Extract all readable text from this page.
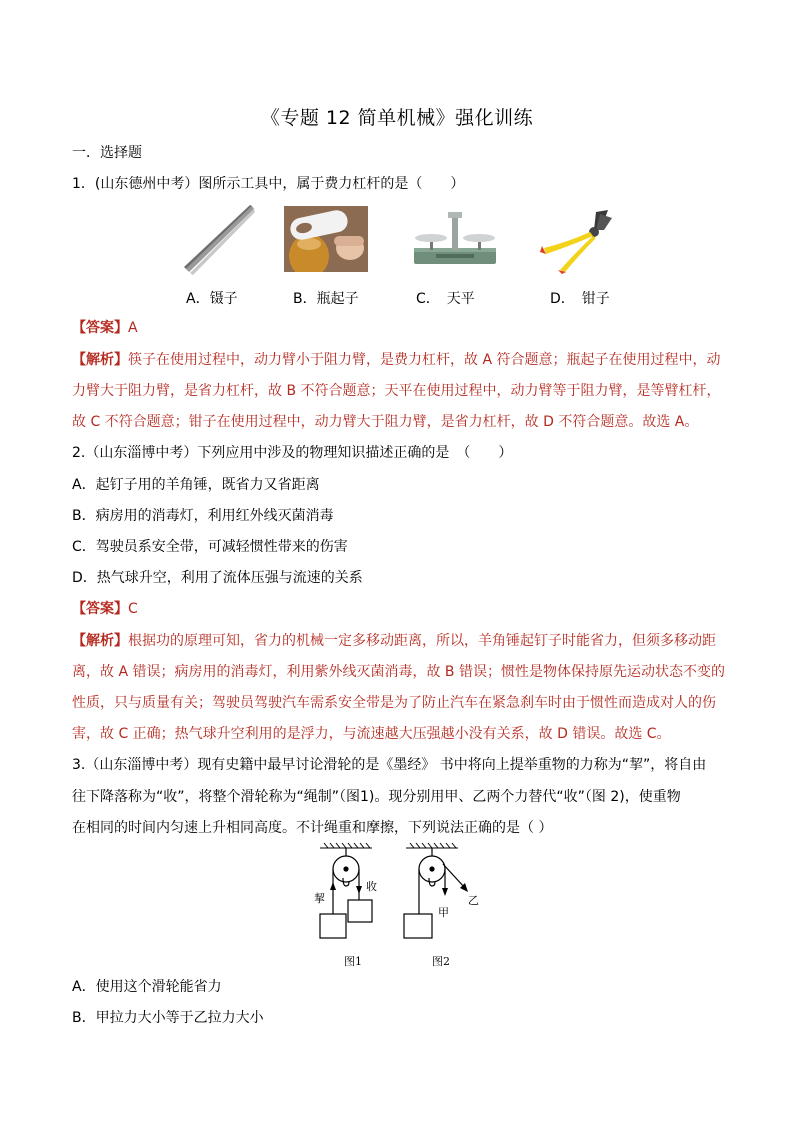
《专题 12 简单机械》强化训练
一．选择题
1．(山东德州中考）图所示工具中，属于费力杠杆的是（　　）
A．镊子	B．瓶起子	C．　天平	D．　钳子
【答案】A
【解析】筷子在使用过程中，动力臂小于阻力臂，是费力杠杆，故 A 符合题意；瓶起子在使用过程中，动
力臂大于阻力臂，是省力杠杆，故 B 不符合题意；天平在使用过程中，动力臂等于阻力臂，是等臂杠杆，
故 C 不符合题意；钳子在使用过程中，动力臂大于阻力臂，是省力杠杆，故 D 不符合题意。故选 A。
2.（山东淄博中考）下列应用中涉及的物理知识描述正确的是　（　　）
A．起钉子用的羊角锤，既省力又省距离
B．病房用的消毒灯，利用红外线灭菌消毒
C．驾驶员系安全带，可减轻惯性带来的伤害
D．热气球升空，利用了流体压强与流速的关系
【答案】C
【解析】根据功的原理可知，省力的机械一定多移动距离，所以，羊角锤起钉子时能省力，但须多移动距
离，故 A 错误；病房用的消毒灯，利用紫外线灭菌消毒，故 B 错误；惯性是物体保持原先运动状态不变的
性质，只与质量有关；驾驶员驾驶汽车需系安全带是为了防止汽车在紧急刹车时由于惯性而造成对人的伤
害，故 C 正确；热气球升空利用的是浮力，与流速越大压强越小没有关系，故 D 错误。故选 C。
3.（山东淄博中考）现有史籍中最早讨论滑轮的是《墨经》 书中将向上提举重物的力称为“挈”，将自由
往下降落称为“收”，将整个滑轮称为“绳制”（图1)。现分别用甲、乙两个力替代“收”（图 2)，使重物
在相同的时间内匀速上升相同高度。不计绳重和摩擦，下列说法正确的是（ ）
挈
收
甲
乙
图1	图2
A．使用这个滑轮能省力
B．甲拉力大小等于乙拉力大小
